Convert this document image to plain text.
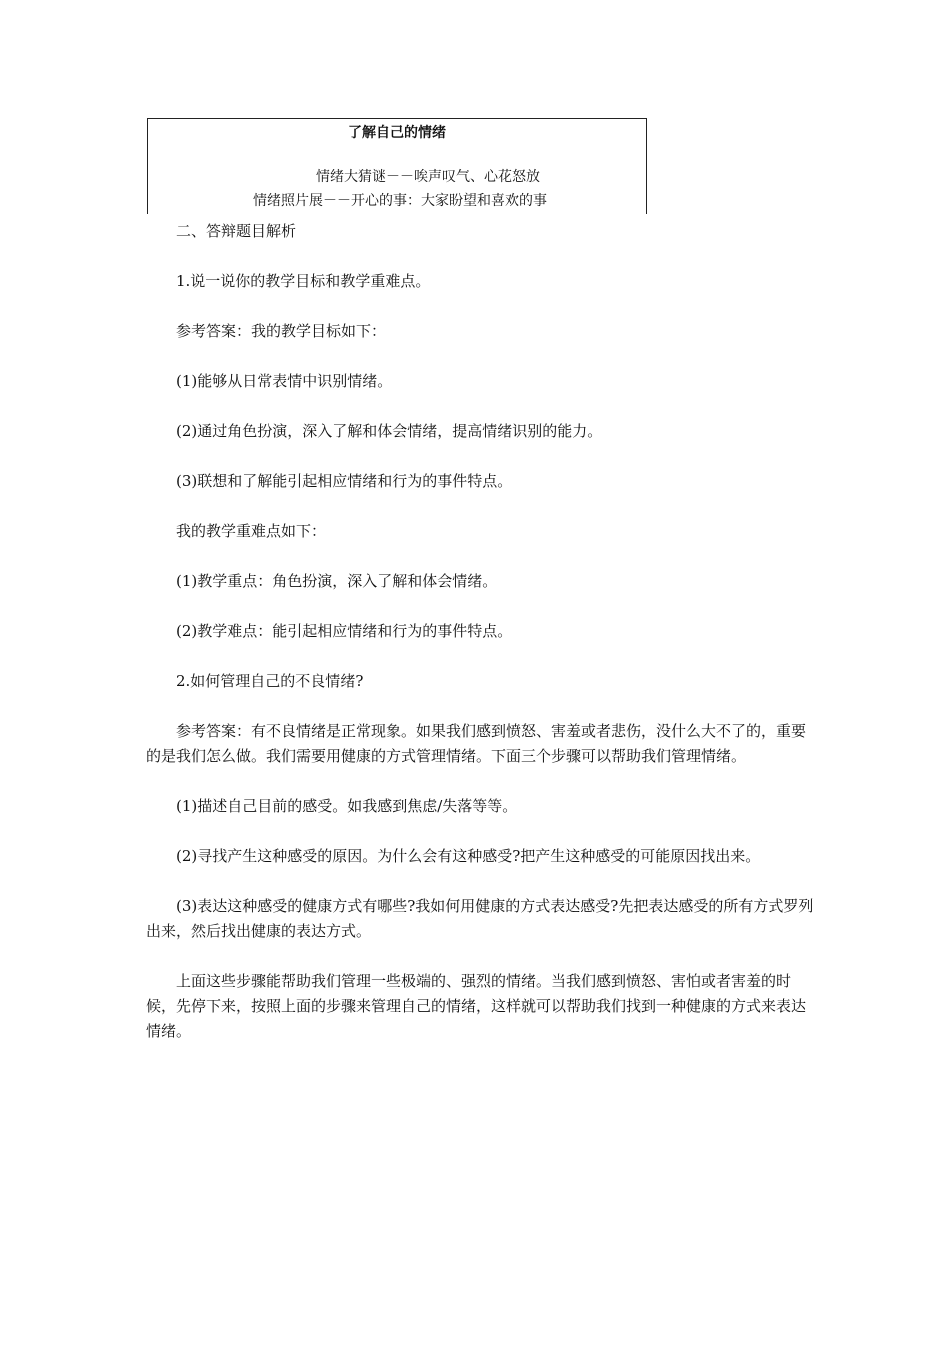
了解自己的情绪
情绪大猜谜－－唉声叹气、心花怒放
情绪照片展－－开心的事：大家盼望和喜欢的事

二、答辩题目解析

1.说一说你的教学目标和教学重难点。

参考答案：我的教学目标如下：

(1)能够从日常表情中识别情绪。

(2)通过角色扮演，深入了解和体会情绪，提高情绪识别的能力。

(3)联想和了解能引起相应情绪和行为的事件特点。

我的教学重难点如下：

(1)教学重点：角色扮演，深入了解和体会情绪。

(2)教学难点：能引起相应情绪和行为的事件特点。

2.如何管理自己的不良情绪?

参考答案：有不良情绪是正常现象。如果我们感到愤怒、害羞或者悲伤，没什么大不了的，重要的是我们怎么做。我们需要用健康的方式管理情绪。下面三个步骤可以帮助我们管理情绪。

(1)描述自己目前的感受。如我感到焦虑/失落等等。

(2)寻找产生这种感受的原因。为什么会有这种感受?把产生这种感受的可能原因找出来。

(3)表达这种感受的健康方式有哪些?我如何用健康的方式表达感受?先把表达感受的所有方式罗列出来，然后找出健康的表达方式。

上面这些步骤能帮助我们管理一些极端的、强烈的情绪。当我们感到愤怒、害怕或者害羞的时候，先停下来，按照上面的步骤来管理自己的情绪，这样就可以帮助我们找到一种健康的方式来表达情绪。
